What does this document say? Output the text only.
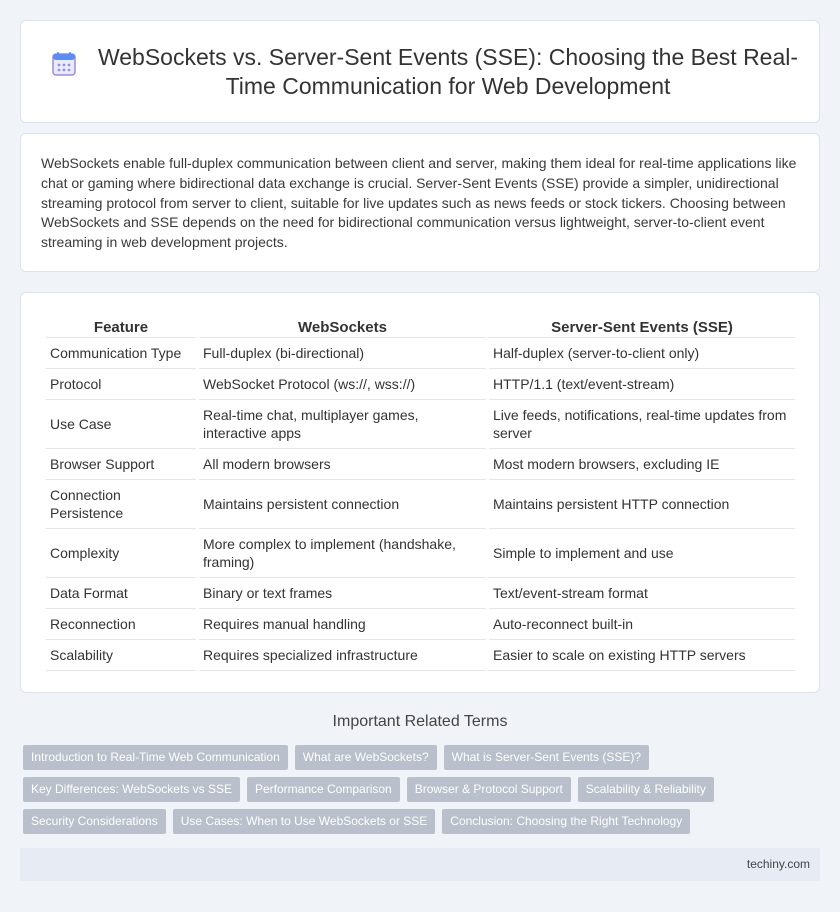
WebSockets vs. Server-Sent Events (SSE): Choosing the Best Real-Time Communication for Web Development

WebSockets enable full-duplex communication between client and server, making them ideal for real-time applications like chat or gaming where bidirectional data exchange is crucial. Server-Sent Events (SSE) provide a simpler, unidirectional streaming protocol from server to client, suitable for live updates such as news feeds or stock tickers. Choosing between WebSockets and SSE depends on the need for bidirectional communication versus lightweight, server-to-client event streaming in web development projects.

Feature	WebSockets	Server-Sent Events (SSE)
Communication Type	Full-duplex (bi-directional)	Half-duplex (server-to-client only)
Protocol	WebSocket Protocol (ws://, wss://)	HTTP/1.1 (text/event-stream)
Use Case	Real-time chat, multiplayer games, interactive apps	Live feeds, notifications, real-time updates from server
Browser Support	All modern browsers	Most modern browsers, excluding IE
Connection Persistence	Maintains persistent connection	Maintains persistent HTTP connection
Complexity	More complex to implement (handshake, framing)	Simple to implement and use
Data Format	Binary or text frames	Text/event-stream format
Reconnection	Requires manual handling	Auto-reconnect built-in
Scalability	Requires specialized infrastructure	Easier to scale on existing HTTP servers
Important Related Terms
Introduction to Real-Time Web Communication	What are WebSockets?	What is Server-Sent Events (SSE)?
Key Differences: WebSockets vs SSE	Performance Comparison	Browser & Protocol Support	Scalability & Reliability
Security Considerations	Use Cases: When to Use WebSockets or SSE	Conclusion: Choosing the Right Technology
techiny.com
